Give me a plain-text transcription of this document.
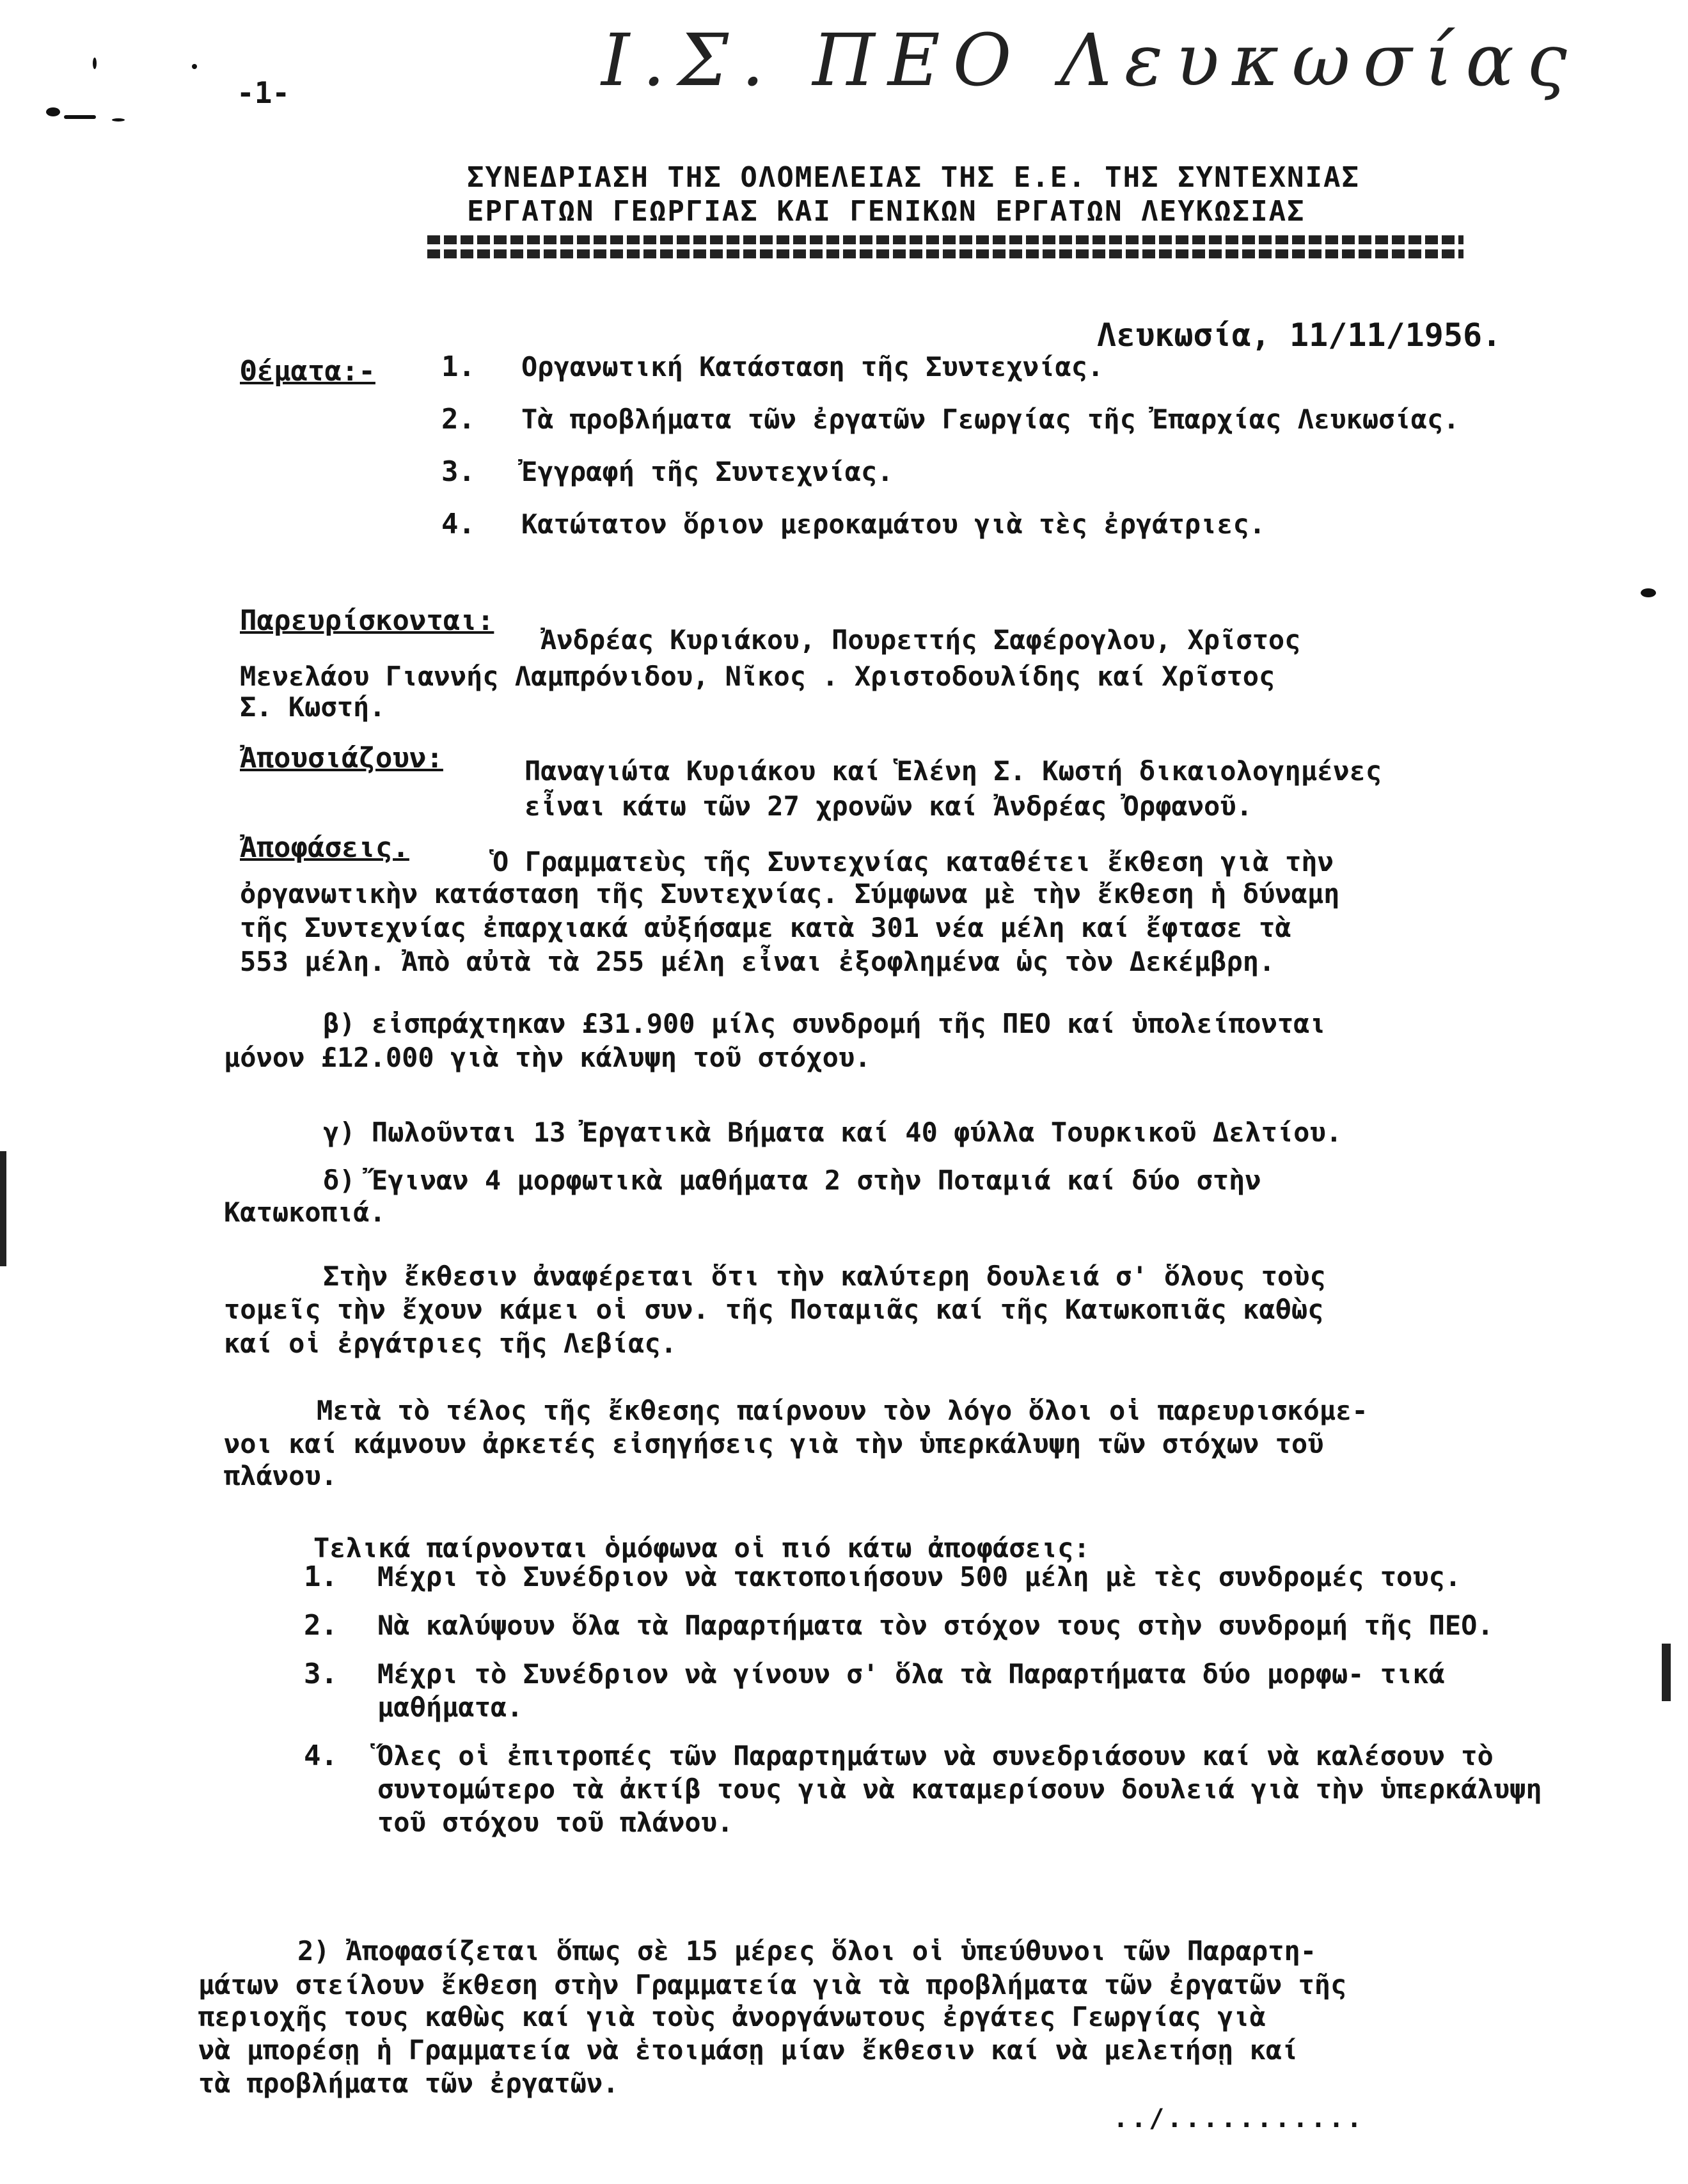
Ι.Σ. ΠΕΟ Λευκωσίας
-1-
ΣΥΝΕΔΡΙΑΣΗ ΤΗΣ ΟΛΟΜΕΛΕΙΑΣ ΤΗΣ Ε.Ε. ΤΗΣ ΣΥΝΤΕΧΝΙΑΣ
ΕΡΓΑΤΩΝ ΓΕΩΡΓΙΑΣ ΚΑΙ ΓΕΝΙΚΩΝ ΕΡΓΑΤΩΝ ΛΕΥΚΩΣΙΑΣ
Λευκωσία, 11/11/1956.
Θέματα:- 1.	Οργανωτική Κατάσταση τῆς Συντεχνίας.
2.	Τὰ προβλήματα τῶν ἐργατῶν Γεωργίας τῆς Ἐπαρχίας Λευκωσίας.
3.	Ἐγγραφή τῆς Συντεχνίας.
4.	Κατώτατον ὅριον μεροκαμάτου γιὰ τὲς ἐργάτριες.
Παρευρίσκονται:
Ἀνδρέας Κυριάκου, Πουρεττής Σαφέρογλου, Χρῖστος
Μενελάου Γιαννής Λαμπρόνιδου, Νῖκος . Χριστοδουλίδης καί Χρῖστος
Σ. Κωστή.
Ἀπουσιάζουν:	Παναγιώτα Κυριάκου καί Ἑλένη Σ. Κωστή δικαιολογημένες
εἶναι κάτω τῶν 27 χρονῶν καί Ἀνδρέας Ὀρφανοῦ.
Ἀποφάσεις.	Ὁ Γραμματεὺς τῆς Συντεχνίας καταθέτει ἔκθεση γιὰ τὴν
ὀργανωτικὴν κατάσταση τῆς Συντεχνίας. Σύμφωνα μὲ τὴν ἔκθεση ἡ δύναμη
τῆς Συντεχνίας ἐπαρχιακά αὐξήσαμε κατὰ 301 νέα μέλη καί ἔφτασε τὰ
553 μέλη. Ἀπὸ αὐτὰ τὰ 255 μέλη εἶναι ἐξοφλημένα ὡς τὸν Δεκέμβρη.
β) εἰσπράχτηκαν £31.900 μίλς συνδρομή τῆς ΠΕΟ καί ὑπολείπονται
μόνον £12.000 γιὰ τὴν κάλυψη τοῦ στόχου.
γ) Πωλοῦνται 13 Ἐργατικὰ Βήματα καί 40 φύλλα Τουρκικοῦ Δελτίου.
δ) Ἔγιναν 4 μορφωτικὰ μαθήματα 2 στὴν Ποταμιά καί δύο στὴν
Κατωκοπιά.
Στὴν ἔκθεσιν ἀναφέρεται ὅτι τὴν καλύτερη δουλειά σ' ὅλους τοὺς
τομεῖς τὴν ἔχουν κάμει οἱ συν. τῆς Ποταμιᾶς καί τῆς Κατωκοπιᾶς καθὼς
καί οἱ ἐργάτριες τῆς Λεβίας.
Μετὰ τὸ τέλος τῆς ἔκθεσης παίρνουν τὸν λόγο ὅλοι οἱ παρευρισκόμε-
νοι καί κάμνουν ἀρκετές εἰσηγήσεις γιὰ τὴν ὑπερκάλυψη τῶν στόχων τοῦ
πλάνου.
Τελικά παίρνονται ὁμόφωνα οἱ πιό κάτω ἀποφάσεις:
1.	Μέχρι τὸ Συνέδριον νὰ τακτοποιήσουν 500 μέλη μὲ τὲς συνδρομές τους.
2.	Νὰ καλύψουν ὅλα τὰ Παραρτήματα τὸν στόχον τους στὴν συνδρομή τῆς ΠΕΟ.
3.	Μέχρι τὸ Συνέδριον νὰ γίνουν σ' ὅλα τὰ Παραρτήματα δύο μορφω- τικά μαθήματα.
4.	Ὅλες οἱ ἐπιτροπές τῶν Παραρτημάτων νὰ συνεδριάσουν καί νὰ καλέσουν τὸ συντομώτερο τὰ ἀκτίβ τους γιὰ νὰ καταμερίσουν δουλειά γιὰ τὴν ὑπερκάλυψη τοῦ στόχου τοῦ πλάνου.
2) Ἀποφασίζεται ὅπως σὲ 15 μέρες ὅλοι οἱ ὑπεύθυνοι τῶν Παραρτη-
μάτων στείλουν ἔκθεση στὴν Γραμματεία γιὰ τὰ προβλήματα τῶν ἐργατῶν τῆς
περιοχῆς τους καθὼς καί γιὰ τοὺς ἀνοργάνωτους ἐργάτες Γεωργίας γιὰ
νὰ μπορέσῃ ἡ Γραμματεία νὰ ἑτοιμάσῃ μίαν ἔκθεσιν καί νὰ μελετήσῃ καί
τὰ προβλήματα τῶν ἐργατῶν.
../...........
